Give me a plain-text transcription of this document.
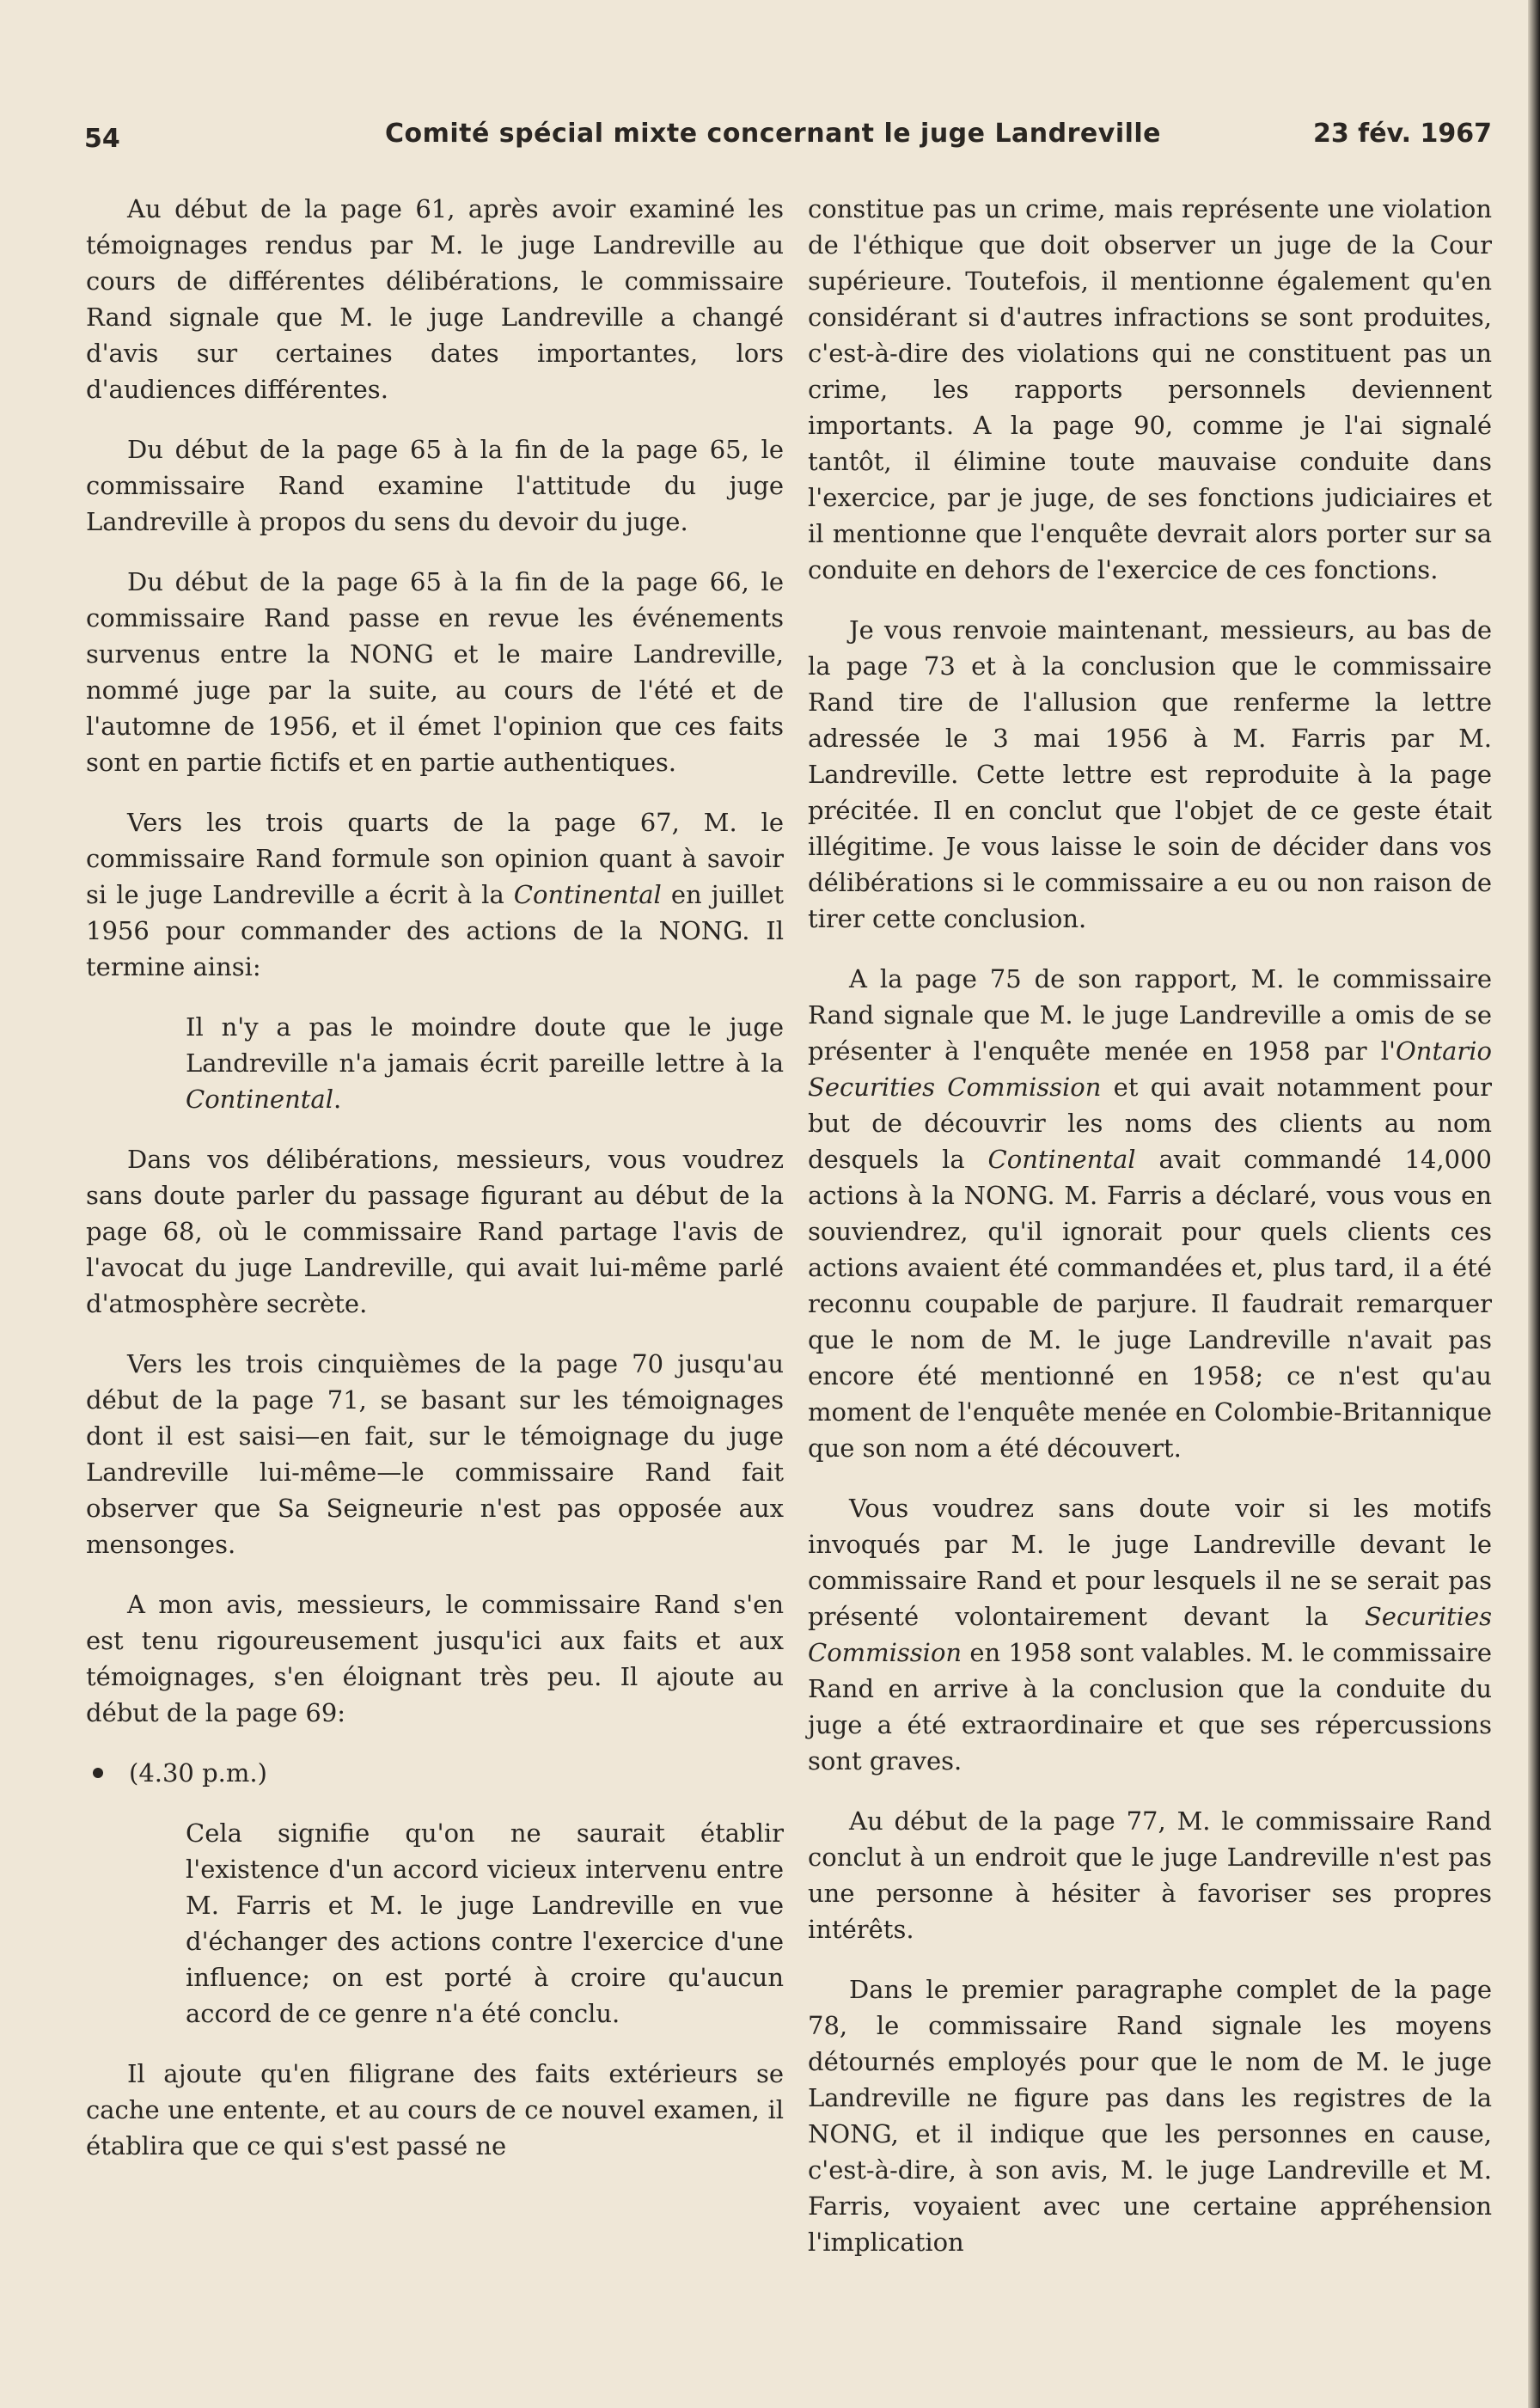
54	Comité spécial mixte concernant le juge Landreville	23 fév. 1967

Au début de la page 61, après avoir examiné les témoignages rendus par M. le juge Landreville au cours de différentes délibérations, le commissaire Rand signale que M. le juge Landreville a changé d'avis sur certaines dates importantes, lors d'audiences différentes.

Du début de la page 65 à la fin de la page 65, le commissaire Rand examine l'attitude du juge Landreville à propos du sens du devoir du juge.

Du début de la page 65 à la fin de la page 66, le commissaire Rand passe en revue les événements survenus entre la NONG et le maire Landreville, nommé juge par la suite, au cours de l'été et de l'automne de 1956, et il émet l'opinion que ces faits sont en partie fictifs et en partie authentiques.

Vers les trois quarts de la page 67, M. le commissaire Rand formule son opinion quant à savoir si le juge Landreville a écrit à la Continental en juillet 1956 pour commander des actions de la NONG. Il termine ainsi:

Il n'y a pas le moindre doute que le juge Landreville n'a jamais écrit pareille lettre à la Continental.

Dans vos délibérations, messieurs, vous voudrez sans doute parler du passage figurant au début de la page 68, où le commissaire Rand partage l'avis de l'avocat du juge Landreville, qui avait lui-même parlé d'atmosphère secrète.

Vers les trois cinquièmes de la page 70 jusqu'au début de la page 71, se basant sur les témoignages dont il est saisi—en fait, sur le témoignage du juge Landreville lui-même—le commissaire Rand fait observer que Sa Seigneurie n'est pas opposée aux mensonges.

A mon avis, messieurs, le commissaire Rand s'en est tenu rigoureusement jusqu'ici aux faits et aux témoignages, s'en éloignant très peu. Il ajoute au début de la page 69:

(4.30 p.m.)

Cela signifie qu'on ne saurait établir l'existence d'un accord vicieux intervenu entre M. Farris et M. le juge Landreville en vue d'échanger des actions contre l'exercice d'une influence; on est porté à croire qu'aucun accord de ce genre n'a été conclu.

Il ajoute qu'en filigrane des faits extérieurs se cache une entente, et au cours de ce nouvel examen, il établira que ce qui s'est passé ne

constitue pas un crime, mais représente une violation de l'éthique que doit observer un juge de la Cour supérieure. Toutefois, il mentionne également qu'en considérant si d'autres infractions se sont produites, c'est-à-dire des violations qui ne constituent pas un crime, les rapports personnels deviennent importants. A la page 90, comme je l'ai signalé tantôt, il élimine toute mauvaise conduite dans l'exercice, par je juge, de ses fonctions judiciaires et il mentionne que l'enquête devrait alors porter sur sa conduite en dehors de l'exercice de ces fonctions.

Je vous renvoie maintenant, messieurs, au bas de la page 73 et à la conclusion que le commissaire Rand tire de l'allusion que renferme la lettre adressée le 3 mai 1956 à M. Farris par M. Landreville. Cette lettre est reproduite à la page précitée. Il en conclut que l'objet de ce geste était illégitime. Je vous laisse le soin de décider dans vos délibérations si le commissaire a eu ou non raison de tirer cette conclusion.

A la page 75 de son rapport, M. le commissaire Rand signale que M. le juge Landreville a omis de se présenter à l'enquête menée en 1958 par l'Ontario Securities Commission et qui avait notamment pour but de découvrir les noms des clients au nom desquels la Continental avait commandé 14,000 actions à la NONG. M. Farris a déclaré, vous vous en souviendrez, qu'il ignorait pour quels clients ces actions avaient été commandées et, plus tard, il a été reconnu coupable de parjure. Il faudrait remarquer que le nom de M. le juge Landreville n'avait pas encore été mentionné en 1958; ce n'est qu'au moment de l'enquête menée en Colombie-Britannique que son nom a été découvert.

Vous voudrez sans doute voir si les motifs invoqués par M. le juge Landreville devant le commissaire Rand et pour lesquels il ne se serait pas présenté volontairement devant la Securities Commission en 1958 sont valables. M. le commissaire Rand en arrive à la conclusion que la conduite du juge a été extraordinaire et que ses répercussions sont graves.

Au début de la page 77, M. le commissaire Rand conclut à un endroit que le juge Landreville n'est pas une personne à hésiter à favoriser ses propres intérêts.

Dans le premier paragraphe complet de la page 78, le commissaire Rand signale les moyens détournés employés pour que le nom de M. le juge Landreville ne figure pas dans les registres de la NONG, et il indique que les personnes en cause, c'est-à-dire, à son avis, M. le juge Landreville et M. Farris, voyaient avec une certaine appréhension l'implication
